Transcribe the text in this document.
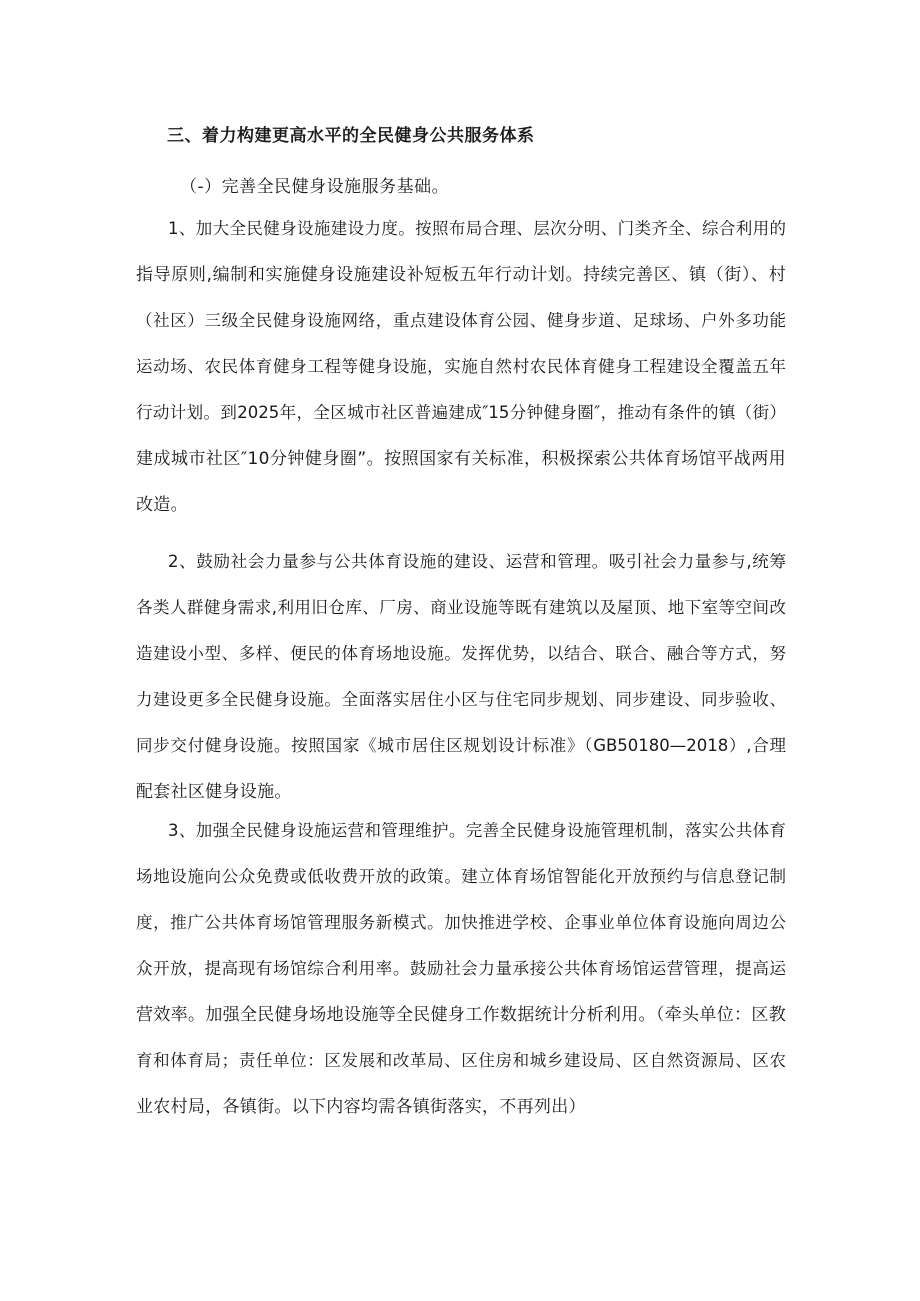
三、着力构建更高水平的全民健身公共服务体系
（-）完善全民健身设施服务基础。
1、加大全民健身设施建设力度。按照布局合理、层次分明、门类齐全、综合利用的
指导原则,编制和实施健身设施建设补短板五年行动计划。持续完善区、镇（街）、村
（社区）三级全民健身设施网络，重点建设体育公园、健身步道、足球场、户外多功能
运动场、农民体育健身工程等健身设施，实施自然村农民体育健身工程建设全覆盖五年
行动计划。到2025年，全区城市社区普遍建成″15分钟健身圈″，推动有条件的镇（街）
建成城市社区″10分钟健身圈”。按照国家有关标准，积极探索公共体育场馆平战两用
改造。
2、鼓励社会力量参与公共体育设施的建设、运营和管理。吸引社会力量参与,统筹
各类人群健身需求,利用旧仓库、厂房、商业设施等既有建筑以及屋顶、地下室等空间改
造建设小型、多样、便民的体育场地设施。发挥优势，以结合、联合、融合等方式，努
力建设更多全民健身设施。全面落实居住小区与住宅同步规划、同步建设、同步验收、
同步交付健身设施。按照国家《城市居住区规划设计标准》（GB50180—2018）,合理
配套社区健身设施。
3、加强全民健身设施运营和管理维护。完善全民健身设施管理机制，落实公共体育
场地设施向公众免费或低收费开放的政策。建立体育场馆智能化开放预约与信息登记制
度，推广公共体育场馆管理服务新模式。加快推进学校、企事业单位体育设施向周边公
众开放，提高现有场馆综合利用率。鼓励社会力量承接公共体育场馆运营管理，提高运
营效率。加强全民健身场地设施等全民健身工作数据统计分析利用。（牵头单位：区教
育和体育局；责任单位：区发展和改革局、区住房和城乡建设局、区自然资源局、区农
业农村局，各镇街。以下内容均需各镇街落实，不再列出）
